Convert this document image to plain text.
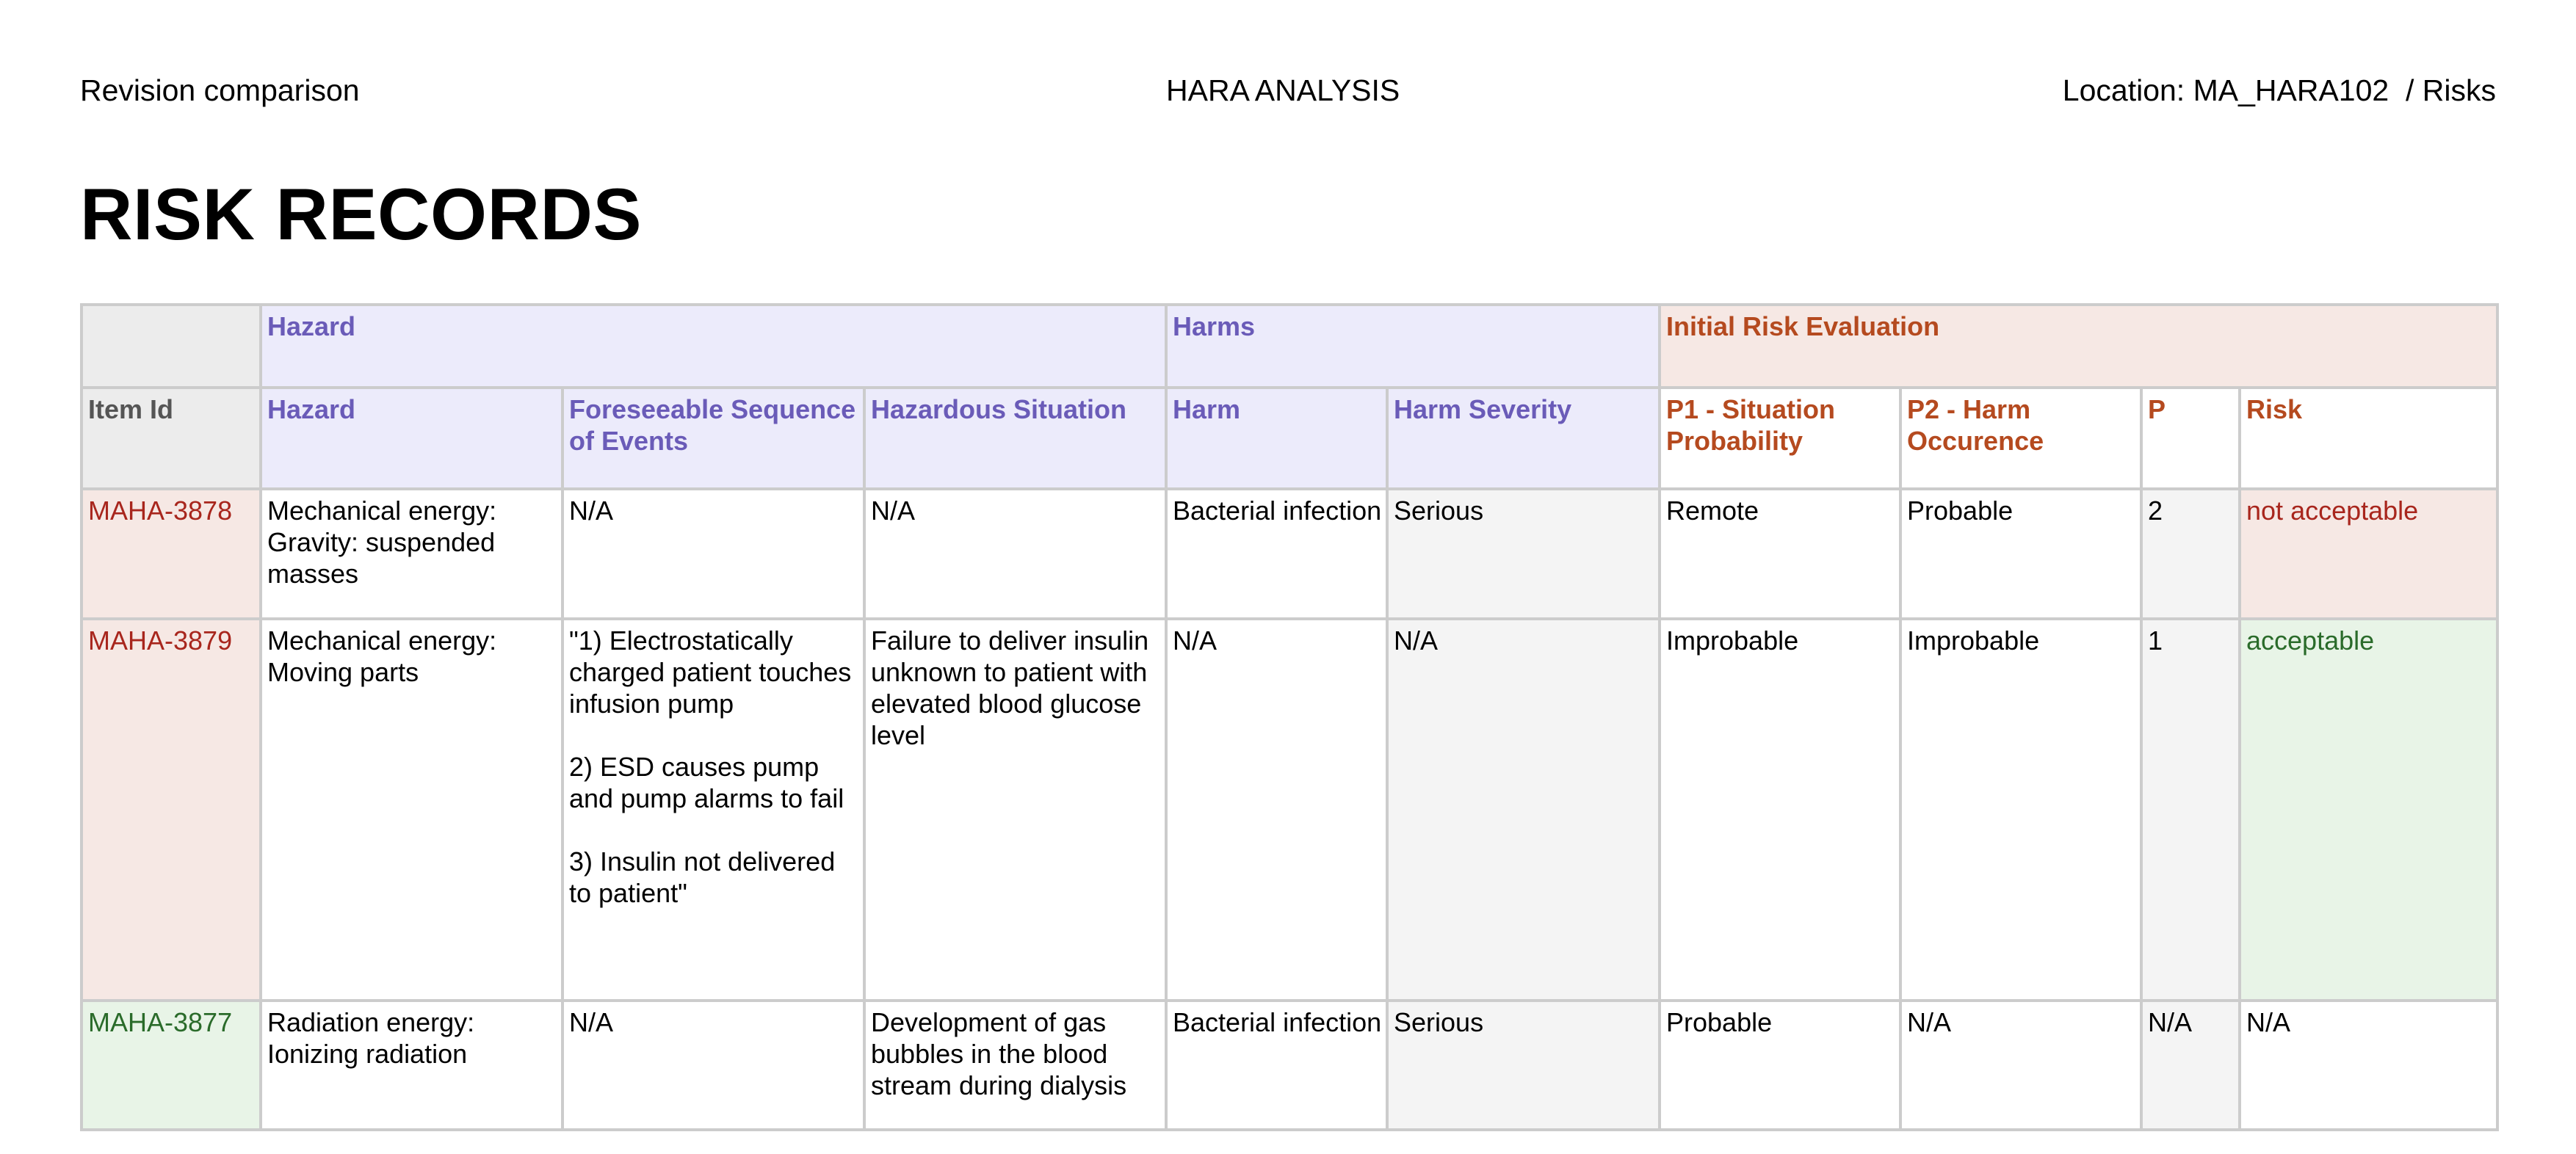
Revision comparison	HARA ANALYSIS	Location: MA_HARA102  / Risks
RISK RECORDS
	Hazard			Harms		Initial Risk Evaluation			
Item Id	Hazard	Foreseeable Sequence of Events	Hazardous Situation	Harm	Harm Severity	P1 - Situation Probability	P2 - Harm Occurence	P	Risk
MAHA-3878	Mechanical energy: Gravity: suspended masses	N/A	N/A	Bacterial infection	Serious	Remote	Probable	2	not acceptable
MAHA-3879	Mechanical energy: Moving parts	"1) Electrostatically charged patient touches infusion pump

2) ESD causes pump and pump alarms to fail

3) Insulin not delivered to patient"	Failure to deliver insulin unknown to patient with elevated blood glucose level	N/A	N/A	Improbable	Improbable	1	acceptable
MAHA-3877	Radiation energy: Ionizing radiation	N/A	Development of gas bubbles in the blood stream during dialysis	Bacterial infection	Serious	Probable	N/A	N/A	N/A
